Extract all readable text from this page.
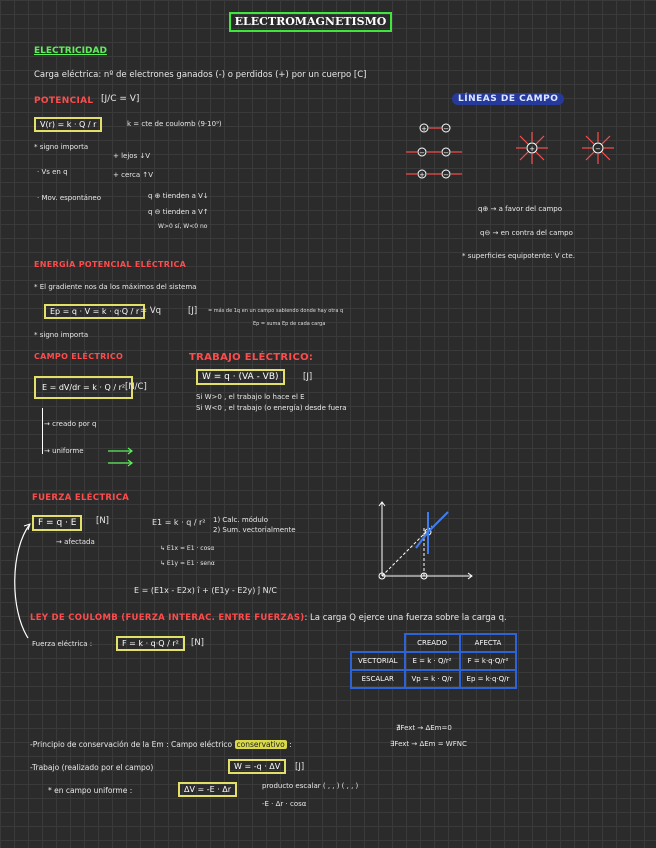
ELECTROMAGNETISMO
ELECTRICIDAD
Carga eléctrica: nº de electrones ganados (-) o perdidos (+) por un cuerpo [C]
POTENCIAL [J/C = V]
V(r) = k · Q / r	k = cte de coulomb (9·10⁹)
* signo importa
· Vs en q
+ lejos ↓V
+ cerca ↑V
· Mov. espontáneo	q ⊕ tienden a V↓
q ⊖ tienden a V↑
W>0 sí, W<0 no
LÍNEAS DE CAMPO
+ −
−	−
+	−
+	−
q⊕ → a favor del campo
q⊖ → en contra del campo
* superficies equipotente: V cte.
ENERGÍA POTENCIAL ELÉCTRICA
* El gradiente nos da los máximos del sistema
Ep = q · V = k · q·Q / r = Vq	[J] = más de 1q en un campo sabiendo donde hay otra q
Ep = suma Ep de cada carga
* signo importa
CAMPO ELÉCTRICO
E = dV/dr = k · Q / r² [N/C]
→ creado por q
→ uniforme
TRABAJO ELÉCTRICO:
W = q · (VA - VB)	[J]
Si W>0 , el trabajo lo hace el E
Si W<0 , el trabajo (o energía) desde fuera
FUERZA ELÉCTRICA
F = q · E	[N]
→ afectada
E1 = k · q / r² 1) Calc. módulo
2) Sum. vectorialmente
↳ E1x = E1 · cosα
↳ E1y = E1 · senα
E = (E1x - E2x) î + (E1y - E2y) ĵ N/C
LEY DE COULOMB (FUERZA INTERAC. ENTRE FUERZAS): La carga Q ejerce una fuerza sobre la carga q.
Fuerza eléctrica :	F = k · q·Q / r²	[N]
		CREADO	AFECTA
VECTORIAL	E = k · Q/r²	F = k·q·Q/r²
ESCALAR	Vp = k · Q/r	Ep = k·q·Q/r
∄Fext → ΔEm=0
∃Fext → ΔEm = WFNC
-Principio de conservación de la Em : Campo eléctrico conservativo :
-Trabajo (realizado por el campo)	W = -q · ΔV	[J]
* en campo uniforme :	ΔV = -E · Δr	producto escalar ( , , ) ( , , )
-E · Δr · cosα
